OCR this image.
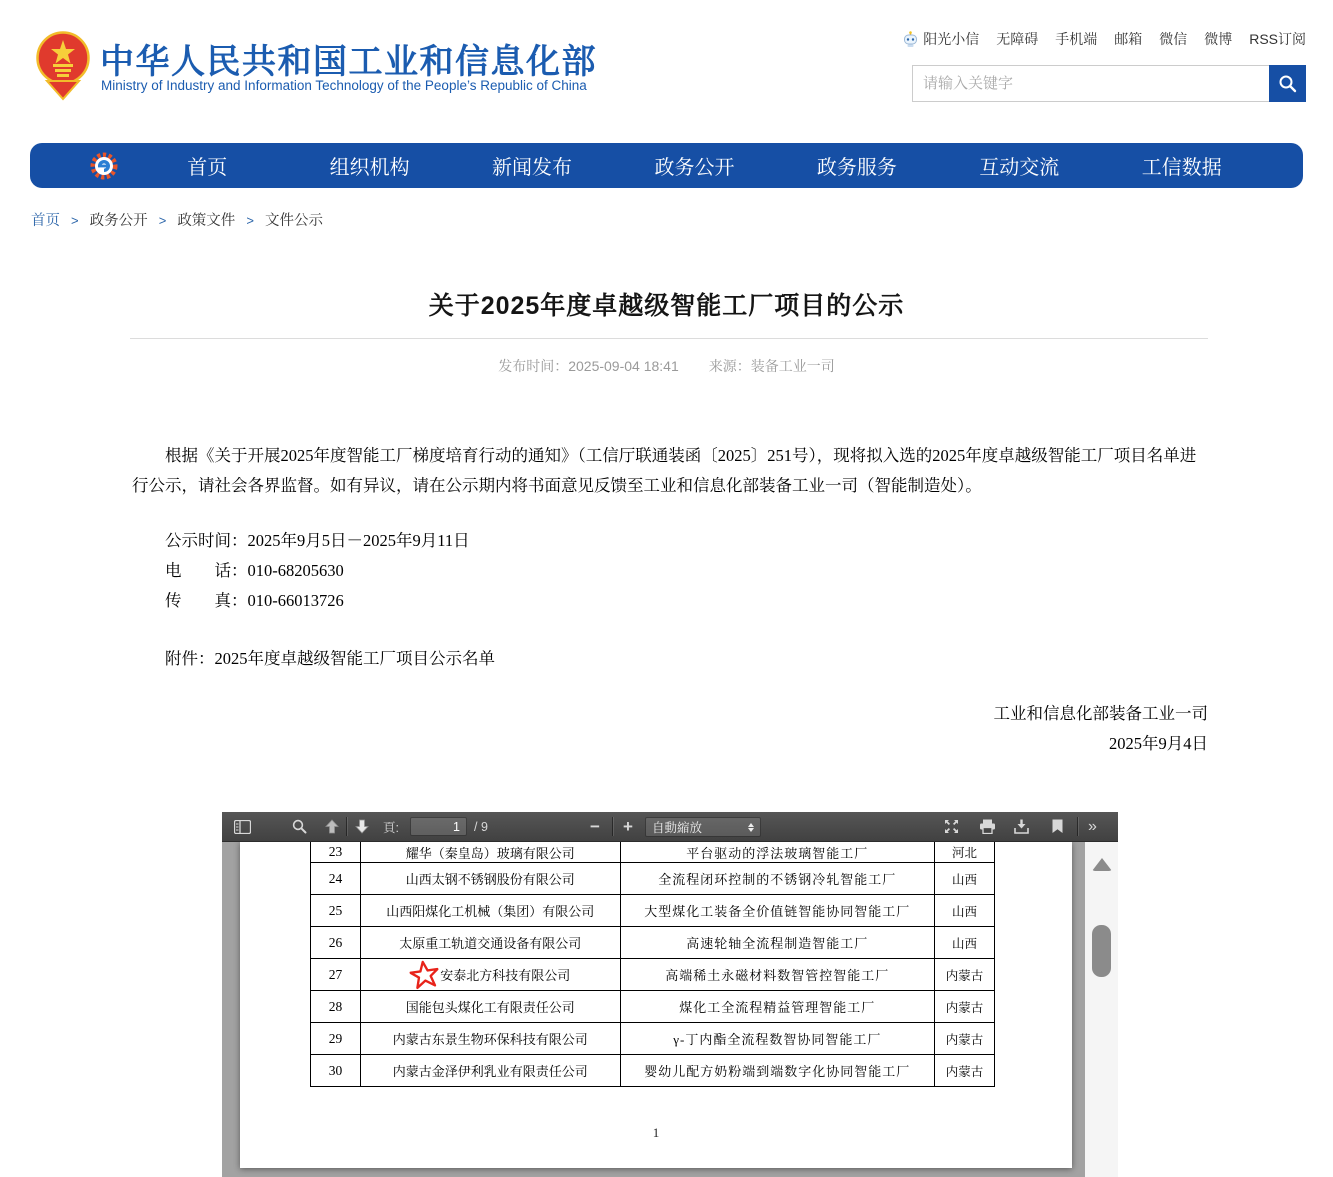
中华人民共和国工业和信息化部
Ministry of Industry and Information Technology of the People’s Republic of China
阳光小信 无障碍 手机端 邮箱 微信 微博 RSS订阅
请输入关键字
首页	组织机构	新闻发布	政务公开	政务服务	互动交流	工信数据
首页 > 政务公开 > 政策文件 > 文件公示
关于2025年度卓越级智能工厂项目的公示
发布时间：2025-09-04 18:41 来源：装备工业一司

根据《关于开展2025年度智能工厂梯度培育行动的通知》（工信厅联通装函〔2025〕251号），现将拟入选的2025年度卓越级智能工厂项目名单进行公示，请社会各界监督。如有异议，请在公示期内将书面意见反馈至工业和信息化部装备工业一司（智能制造处）。

公示时间：2025年9月5日－2025年9月11日

电　　话：010-68205630

传　　真：010-66013726

附件：2025年度卓越级智能工厂项目公示名单

工业和信息化部装备工业一司
2025年9月4日
頁:
1	/ 9	− + 自動縮放	»
23	耀华（秦皇岛）玻璃有限公司	平台驱动的浮法玻璃智能工厂	河北
24	山西太钢不锈钢股份有限公司	全流程闭环控制的不锈钢冷轧智能工厂	山西
25	山西阳煤化工机械（集团）有限公司	大型煤化工装备全价值链智能协同智能工厂	山西
26	太原重工轨道交通设备有限公司	高速轮轴全流程制造智能工厂	山西
27	安泰北方科技有限公司	高端稀土永磁材料数智管控智能工厂	内蒙古
28	国能包头煤化工有限责任公司	煤化工全流程精益管理智能工厂	内蒙古
29	内蒙古东景生物环保科技有限公司	γ-丁内酯全流程数智协同智能工厂	内蒙古
30	内蒙古金泽伊利乳业有限责任公司	婴幼儿配方奶粉端到端数字化协同智能工厂	内蒙古
1
